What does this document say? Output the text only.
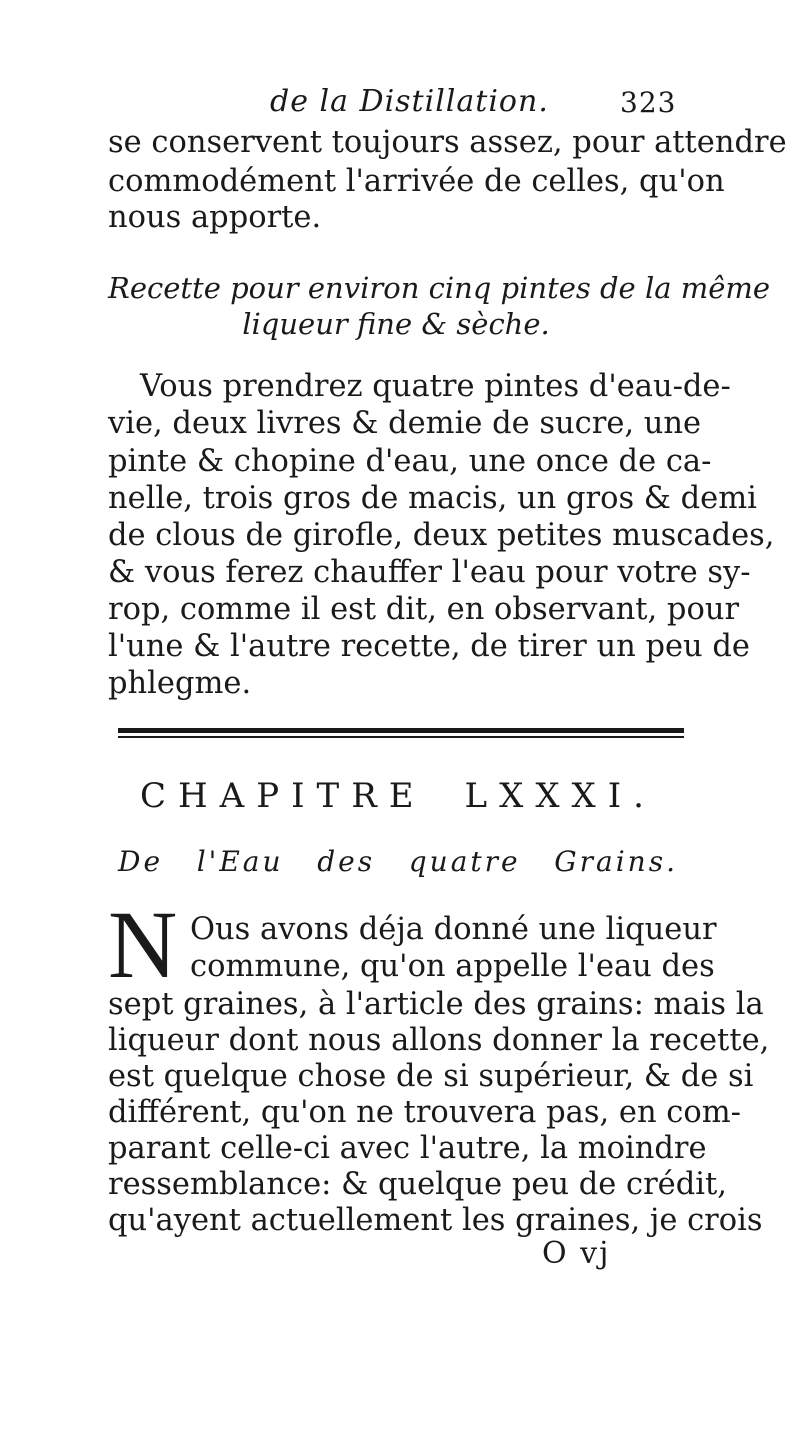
de la Distillation.	323
se conservent toujours assez, pour attendre
commodément l'arrivée de celles, qu'on
nous apporte.
Recette pour environ cinq pintes de la même
liqueur fine & sèche.
Vous prendrez quatre pintes d'eau-de-
vie, deux livres & demie de sucre, une
pinte & chopine d'eau, une once de ca-
nelle, trois gros de macis, un gros & demi
de clous de girofle, deux petites muscades,
& vous ferez chauffer l'eau pour votre sy-
rop, comme il est dit, en observant, pour
l'une & l'autre recette, de tirer un peu de
phlegme.
CHAPITRE LXXXI.
De l'Eau des quatre Grains.
N Ous avons déja donné une liqueur
commune, qu'on appelle l'eau des
sept graines, à l'article des grains: mais la
liqueur dont nous allons donner la recette,
est quelque chose de si supérieur, & de si
différent, qu'on ne trouvera pas, en com-
parant celle-ci avec l'autre, la moindre
ressemblance: & quelque peu de crédit,
qu'ayent actuellement les graines, je crois
O vj
